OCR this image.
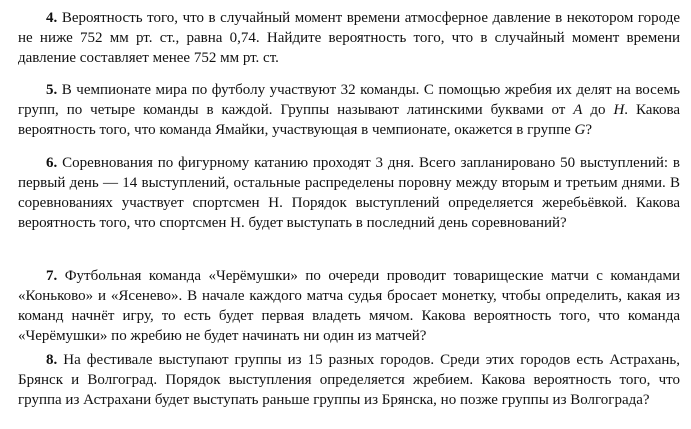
4. Вероятность того, что в случайный момент времени атмосферное давление в некотором городе не ниже 752 мм рт. ст., равна 0,74. Найдите вероятность того, что в случайный момент времени давление составляет менее 752 мм рт. ст.

5. В чемпионате мира по футболу участвуют 32 команды. С помощью жребия их делят на восемь групп, по четыре команды в каждой. Группы называют латинскими буквами от A до H. Какова вероятность того, что команда Ямайки, участвующая в чемпионате, окажется в группе G?

6. Соревнования по фигурному катанию проходят 3 дня. Всего запланировано 50 выступлений: в первый день — 14 выступлений, остальные распределены поровну между вторым и третьим днями. В соревнованиях участвует спортсмен Н. Порядок выступлений определяется жеребьёвкой. Какова вероятность того, что спортсмен Н. будет выступать в последний день соревнований?

7. Футбольная команда «Черёмушки» по очереди проводит товарищеские матчи с командами «Коньково» и «Ясенево». В начале каждого матча судья бросает монетку, чтобы определить, какая из команд начнёт игру, то есть будет первая владеть мячом. Какова вероятность того, что команда «Черёмушки» по жребию не будет начинать ни один из матчей?

8. На фестивале выступают группы из 15 разных городов. Среди этих городов есть Астрахань, Брянск и Волгоград. Порядок выступления определяется жребием. Какова вероятность того, что группа из Астрахани будет выступать раньше группы из Брянска, но позже группы из Волгограда?
